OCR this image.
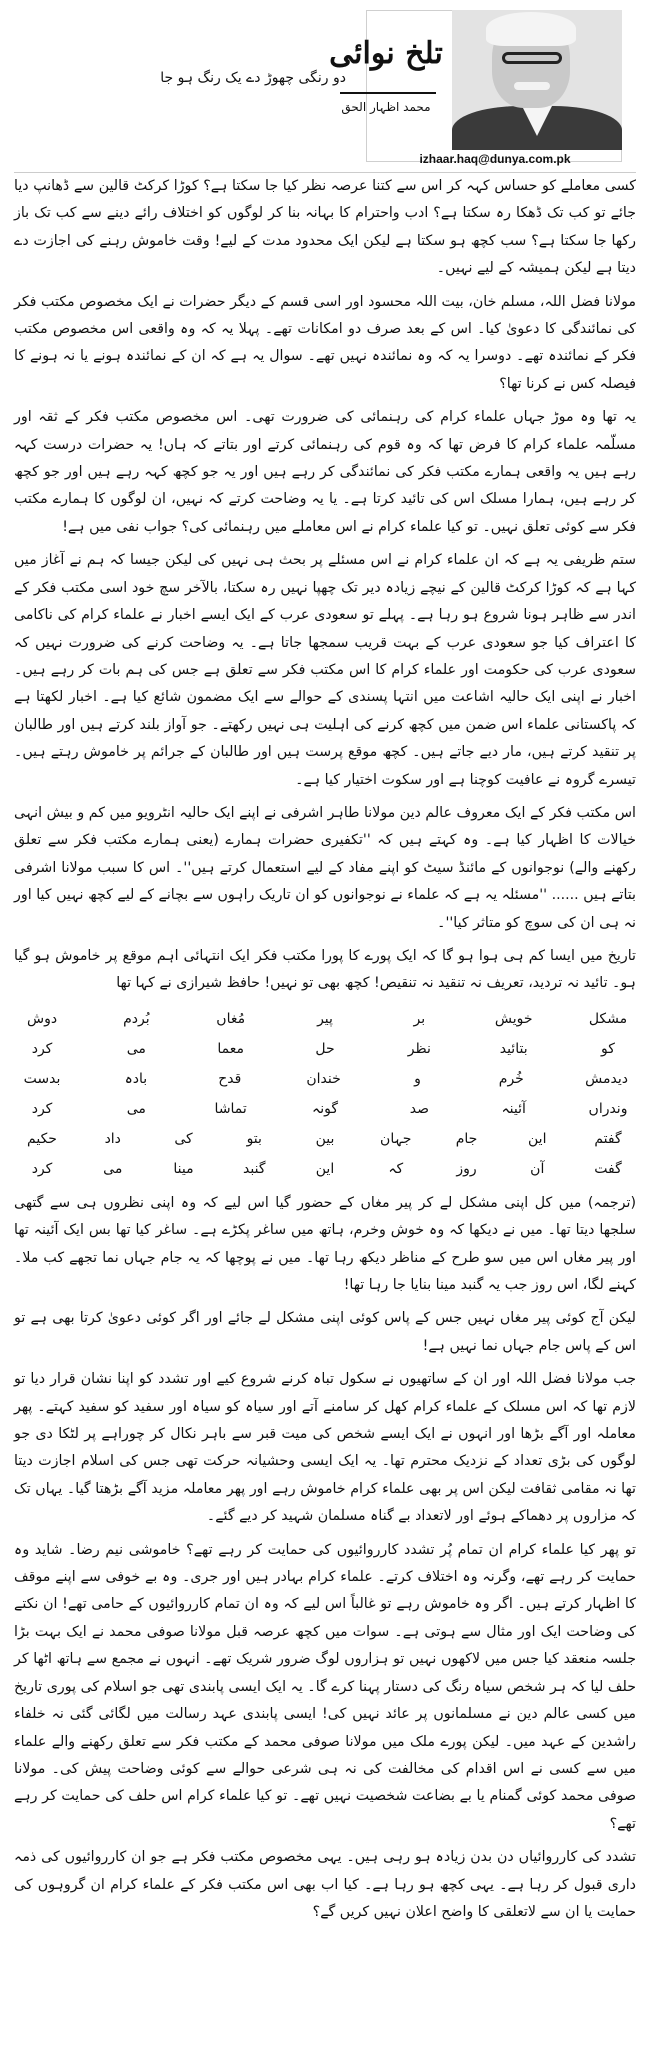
تلخ نوائی
محمد اظہار الحق
izhaar.haq@dunya.com.pk
دو رنگی چھوڑ دے یک رنگ ہو جا

کسی معاملے کو حساس کہہ کر اس سے کتنا عرصہ نظر کیا جا سکتا ہے؟ کوڑا کرکٹ قالین سے ڈھانپ دیا جائے تو کب تک ڈھکا رہ سکتا ہے؟ ادب واحترام کا بہانہ بنا کر لوگوں کو اختلاف رائے دینے سے کب تک باز رکھا جا سکتا ہے؟ سب کچھ ہو سکتا ہے لیکن ایک محدود مدت کے لیے! وقت خاموش رہنے کی اجازت دے دیتا ہے لیکن ہمیشہ کے لیے نہیں۔

مولانا فضل اللہ، مسلم خان، بیت اللہ محسود اور اسی قسم کے دیگر حضرات نے ایک مخصوص مکتب فکر کی نمائندگی کا دعویٰ کیا۔ اس کے بعد صرف دو امکانات تھے۔ پہلا یہ کہ وہ واقعی اس مخصوص مکتب فکر کے نمائندہ تھے۔ دوسرا یہ کہ وہ نمائندہ نہیں تھے۔ سوال یہ ہے کہ ان کے نمائندہ ہونے یا نہ ہونے کا فیصلہ کس نے کرنا تھا؟

یہ تھا وہ موڑ جہاں علماء کرام کی رہنمائی کی ضرورت تھی۔ اس مخصوص مکتب فکر کے ثقہ اور مسلّمہ علماء کرام کا فرض تھا کہ وہ قوم کی رہنمائی کرتے اور بتاتے کہ ہاں! یہ حضرات درست کہہ رہے ہیں یہ واقعی ہمارے مکتب فکر کی نمائندگی کر رہے ہیں اور یہ جو کچھ کہہ رہے ہیں اور جو کچھ کر رہے ہیں، ہمارا مسلک اس کی تائید کرتا ہے۔ یا یہ وضاحت کرتے کہ نہیں، ان لوگوں کا ہمارے مکتب فکر سے کوئی تعلق نہیں۔ تو کیا علماء کرام نے اس معاملے میں رہنمائی کی؟ جواب نفی میں ہے!

ستم ظریفی یہ ہے کہ ان علماء کرام نے اس مسئلے پر بحث ہی نہیں کی لیکن جیسا کہ ہم نے آغاز میں کہا ہے کہ کوڑا کرکٹ قالین کے نیچے زیادہ دیر تک چھپا نہیں رہ سکتا، بالآخر سچ خود اسی مکتب فکر کے اندر سے ظاہر ہونا شروع ہو رہا ہے۔ پہلے تو سعودی عرب کے ایک ایسے اخبار نے علماء کرام کی ناکامی کا اعتراف کیا جو سعودی عرب کے بہت قریب سمجھا جاتا ہے۔ یہ وضاحت کرنے کی ضرورت نہیں کہ سعودی عرب کی حکومت اور علماء کرام کا اس مکتب فکر سے تعلق ہے جس کی ہم بات کر رہے ہیں۔ اخبار نے اپنی ایک حالیہ اشاعت میں انتہا پسندی کے حوالے سے ایک مضمون شائع کیا ہے۔ اخبار لکھتا ہے کہ پاکستانی علماء اس ضمن میں کچھ کرنے کی اہلیت ہی نہیں رکھتے۔ جو آواز بلند کرتے ہیں اور طالبان پر تنقید کرتے ہیں، مار دیے جاتے ہیں۔ کچھ موقع پرست ہیں اور طالبان کے جرائم پر خاموش رہتے ہیں۔ تیسرے گروہ نے عافیت کوچنا ہے اور سکوت اختیار کیا ہے۔

اس مکتب فکر کے ایک معروف عالم دین مولانا طاہر اشرفی نے اپنے ایک حالیہ انٹرویو میں کم و بیش انہی خیالات کا اظہار کیا ہے۔ وہ کہتے ہیں کہ ''تکفیری حضرات ہمارے (یعنی ہمارے مکتب فکر سے تعلق رکھنے والے) نوجوانوں کے مائنڈ سیٹ کو اپنے مفاد کے لیے استعمال کرتے ہیں''۔ اس کا سبب مولانا اشرفی بتاتے ہیں ...... ''مسئلہ یہ ہے کہ علماء نے نوجوانوں کو ان تاریک راہوں سے بچانے کے لیے کچھ نہیں کیا اور نہ ہی ان کی سوچ کو متاثر کیا''۔

تاریخ میں ایسا کم ہی ہوا ہو گا کہ ایک پورے کا پورا مکتب فکر ایک انتہائی اہم موقع پر خاموش ہو گیا ہو۔ تائید نہ تردید، تعریف نہ تنقید نہ تنقیص! کچھ بھی تو نہیں! حافظ شیرازی نے کہا تھا

مشکل
خویش
بر
پیر
مُغاں
بُردم
دوش
کو
بتائید
نظر
حل
معما
می
کرد
دیدمش
خُرم
و
خندان
قدح
بادہ
بدست
وندراں
آئینہ
صد
گونہ
تماشا
می
کرد
گفتم
این
جام
جہان
بین
بتو
کی
داد
حکیم
گفت
آن
روز
کہ
این
گنبد
مینا
می
کرد

(ترجمہ) میں کل اپنی مشکل لے کر پیر مغاں کے حضور گیا اس لیے کہ وہ اپنی نظروں ہی سے گتھی سلجھا دیتا تھا۔ میں نے دیکھا کہ وہ خوش وخرم، ہاتھ میں ساغر پکڑے ہے۔ ساغر کیا تھا بس ایک آئینہ تھا اور پیر مغاں اس میں سو طرح کے مناظر دیکھ رہا تھا۔ میں نے پوچھا کہ یہ جام جہاں نما تجھے کب ملا۔ کہنے لگا، اس روز جب یہ گنبد مینا بنایا جا رہا تھا!

لیکن آج کوئی پیر مغاں نہیں جس کے پاس کوئی اپنی مشکل لے جائے اور اگر کوئی دعویٰ کرتا بھی ہے تو اس کے پاس جام جہاں نما نہیں ہے!

جب مولانا فضل اللہ اور ان کے ساتھیوں نے سکول تباہ کرنے شروع کیے اور تشدد کو اپنا نشان قرار دیا تو لازم تھا کہ اس مسلک کے علماء کرام کھل کر سامنے آتے اور سیاہ کو سیاہ اور سفید کو سفید کہتے۔ پھر معاملہ اور آگے بڑھا اور انہوں نے ایک ایسے شخص کی میت قبر سے باہر نکال کر چوراہے پر لٹکا دی جو لوگوں کی بڑی تعداد کے نزدیک محترم تھا۔ یہ ایک ایسی وحشیانہ حرکت تھی جس کی اسلام اجازت دیتا تھا نہ مقامی ثقافت لیکن اس پر بھی علماء کرام خاموش رہے اور پھر معاملہ مزید آگے بڑھتا گیا۔ یہاں تک کہ مزاروں پر دھماکے ہوئے اور لاتعداد بے گناہ مسلمان شہید کر دیے گئے۔

تو پھر کیا علماء کرام ان تمام پُر تشدد کارروائیوں کی حمایت کر رہے تھے؟ خاموشی نیم رضا۔ شاید وہ حمایت کر رہے تھے، وگرنہ وہ اختلاف کرتے۔ علماء کرام بہادر ہیں اور جری۔ وہ بے خوفی سے اپنے موقف کا اظہار کرتے ہیں۔ اگر وہ خاموش رہے تو غالباً اس لیے کہ وہ ان تمام کارروائیوں کے حامی تھے! ان نکتے کی وضاحت ایک اور مثال سے ہوتی ہے۔ سوات میں کچھ عرصہ قبل مولانا صوفی محمد نے ایک بہت بڑا جلسہ منعقد کیا جس میں لاکھوں نہیں تو ہزاروں لوگ ضرور شریک تھے۔ انہوں نے مجمع سے ہاتھ اٹھا کر حلف لیا کہ ہر شخص سیاہ رنگ کی دستار پہنا کرے گا۔ یہ ایک ایسی پابندی تھی جو اسلام کی پوری تاریخ میں کسی عالم دین نے مسلمانوں پر عائد نہیں کی! ایسی پابندی عہد رسالت میں لگائی گئی نہ خلفاء راشدین کے عہد میں۔ لیکن پورے ملک میں مولانا صوفی محمد کے مکتب فکر سے تعلق رکھنے والے علماء میں سے کسی نے اس اقدام کی مخالفت کی نہ ہی شرعی حوالے سے کوئی وضاحت پیش کی۔ مولانا صوفی محمد کوئی گمنام یا بے بضاعت شخصیت نہیں تھے۔ تو کیا علماء کرام اس حلف کی حمایت کر رہے تھے؟

تشدد کی کارروائیاں دن بدن زیادہ ہو رہی ہیں۔ یہی مخصوص مکتب فکر ہے جو ان کارروائیوں کی ذمہ داری قبول کر رہا ہے۔ یہی کچھ ہو رہا ہے۔ کیا اب بھی اس مکتب فکر کے علماء کرام ان گروہوں کی حمایت یا ان سے لاتعلقی کا واضح اعلان نہیں کریں گے؟
